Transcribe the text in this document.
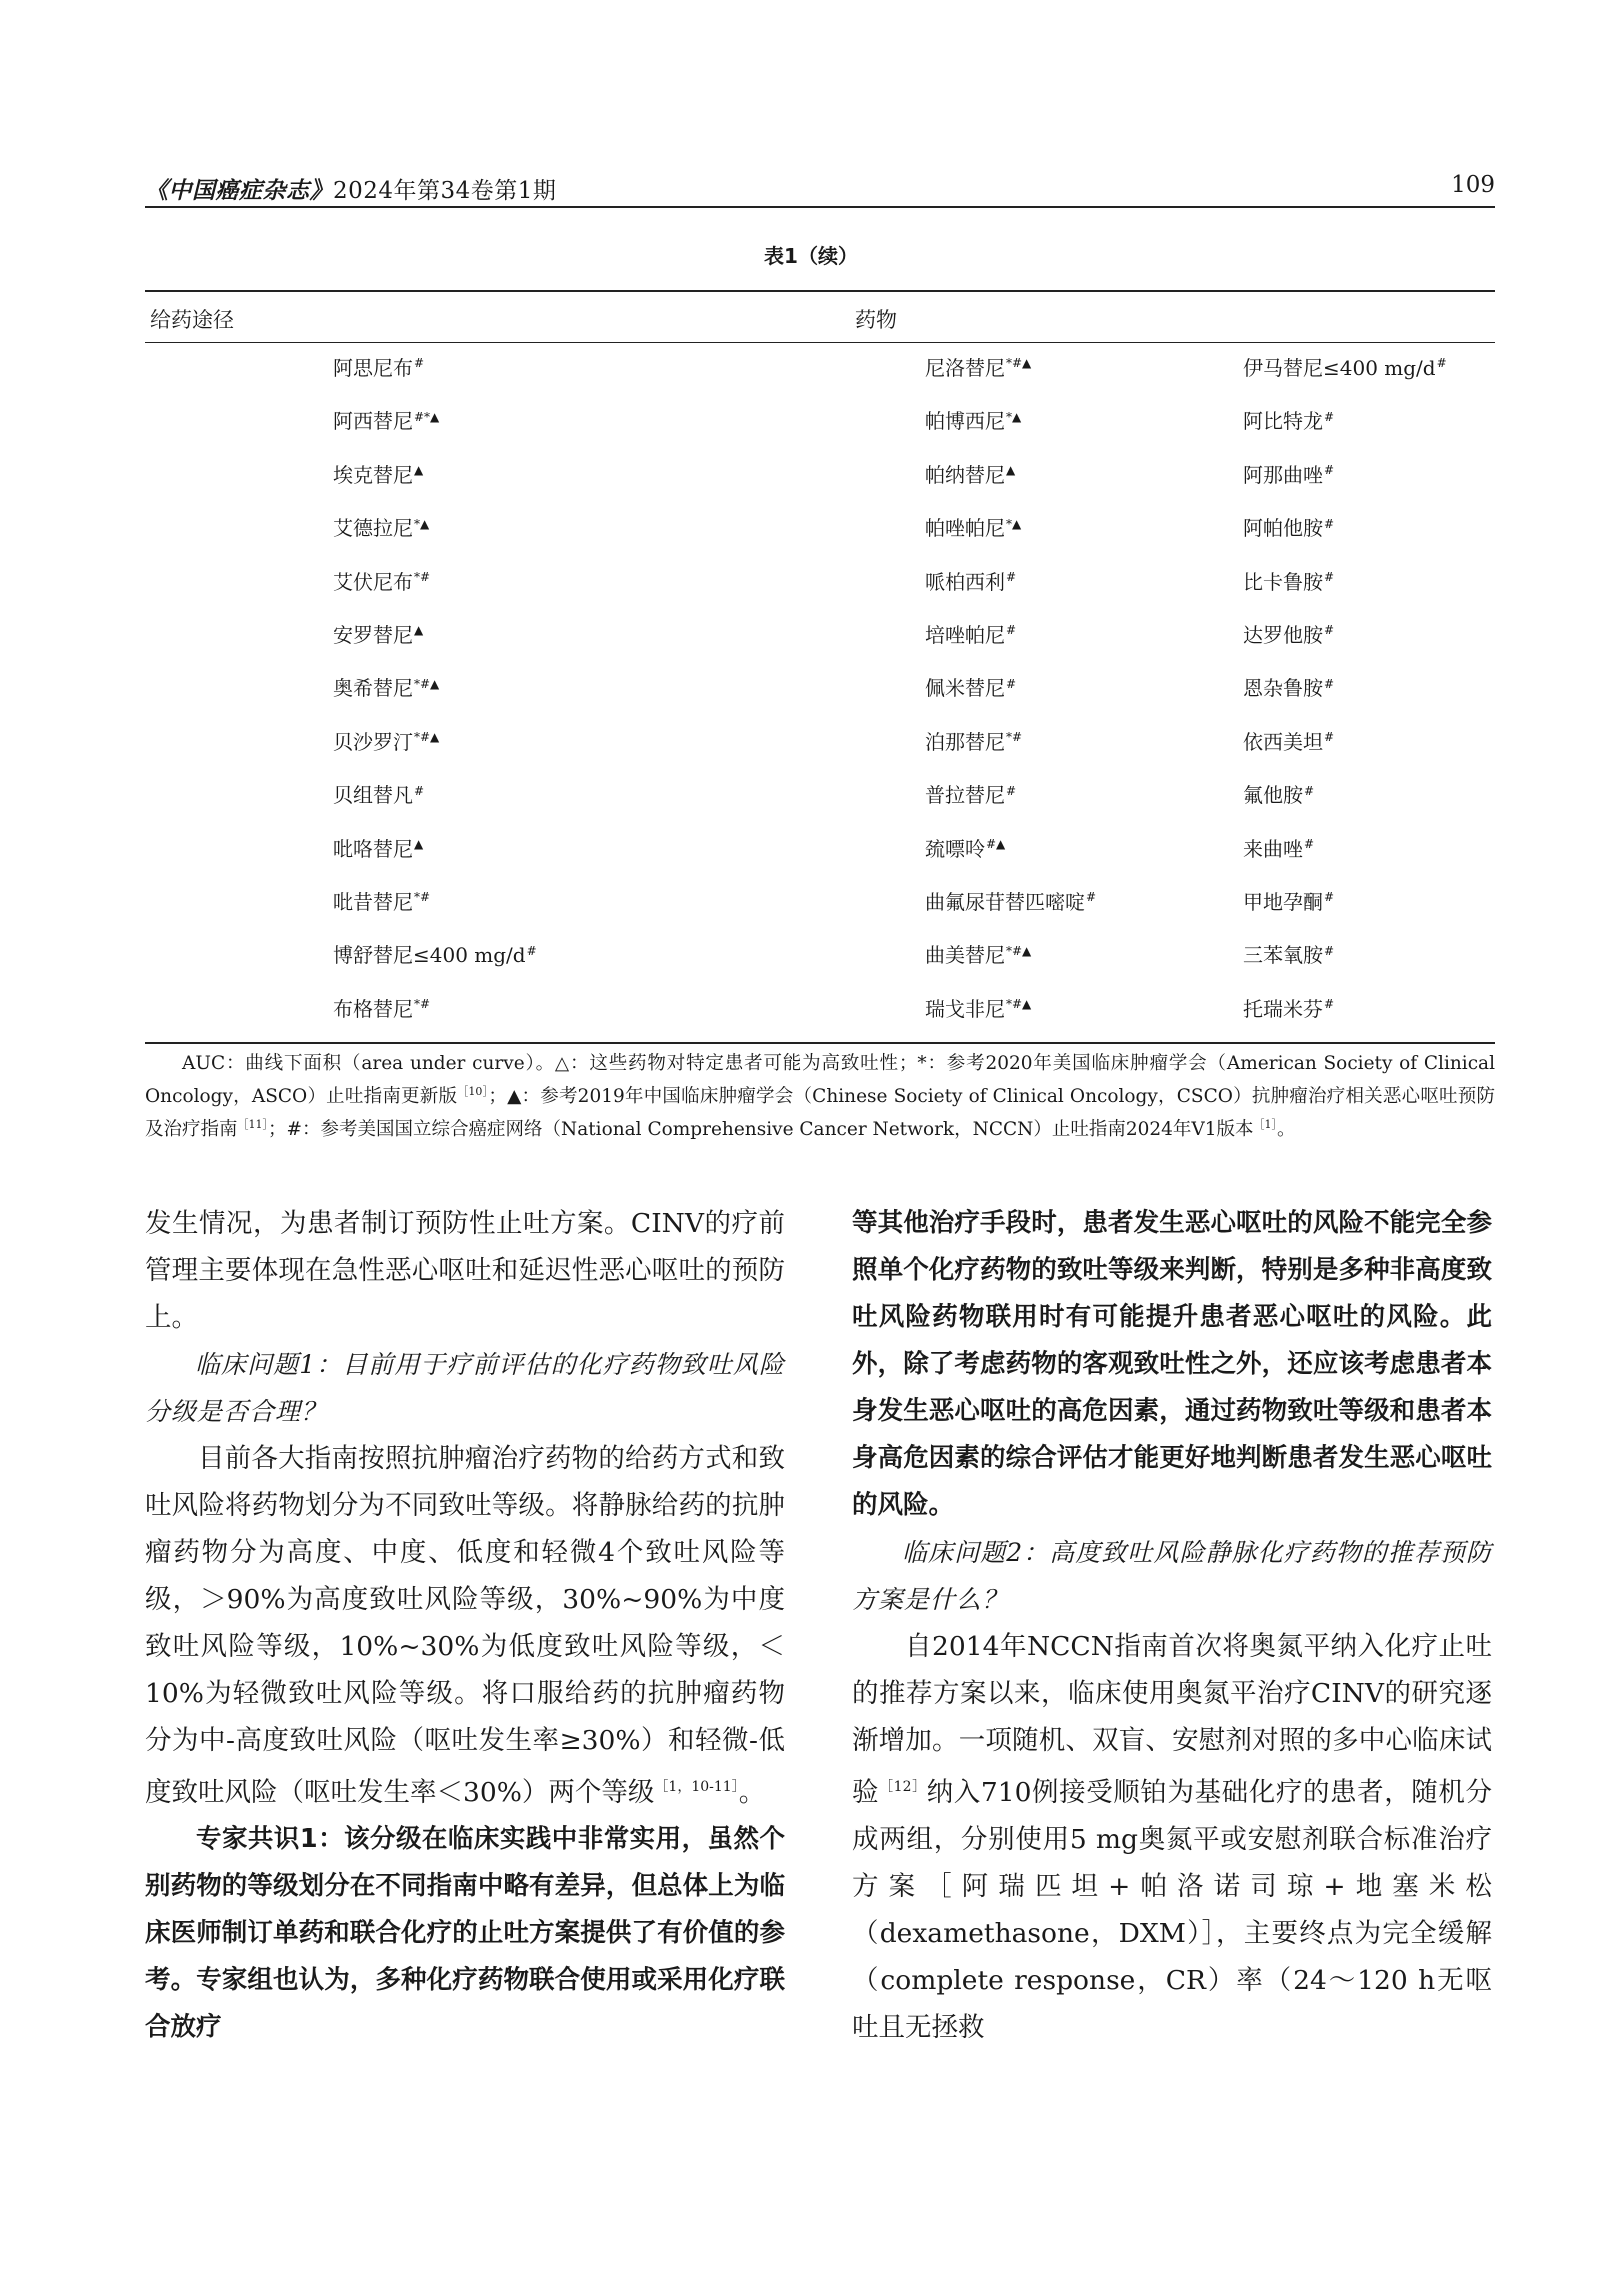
《中国癌症杂志》2024年第34卷第1期	109
表1（续）
给药途径	药物
阿思尼布#	尼洛替尼*#▲	伊马替尼≤400 mg/d#
阿西替尼#*▲	帕博西尼*▲	阿比特龙#
埃克替尼▲	帕纳替尼▲	阿那曲唑#
艾德拉尼*▲	帕唑帕尼*▲	阿帕他胺#
艾伏尼布*#	哌柏西利#	比卡鲁胺#
安罗替尼▲	培唑帕尼#	达罗他胺#
奥希替尼*#▲	佩米替尼#	恩杂鲁胺#
贝沙罗汀*#▲	泊那替尼*#	依西美坦#
贝组替凡#	普拉替尼#	氟他胺#
吡咯替尼▲	巯嘌呤#▲	来曲唑#
吡昔替尼*#	曲氟尿苷替匹嘧啶#	甲地孕酮#
博舒替尼≤400 mg/d#	曲美替尼*#▲	三苯氧胺#
布格替尼*#	瑞戈非尼*#▲	托瑞米芬#
AUC：曲线下面积（area under curve）。△：这些药物对特定患者可能为高致吐性；*：参考2020年美国临床肿瘤学会（American Society of Clinical Oncology，ASCO）止吐指南更新版$^{[10]}$；▲：参考2019年中国临床肿瘤学会（Chinese Society of Clinical Oncology，CSCO）抗肿瘤治疗相关恶心呕吐预防及治疗指南$^{[11]}$；#：参考美国国立综合癌症网络（National Comprehensive Cancer Network，NCCN）止吐指南2024年V1版本$^{[1]}$。

发生情况，为患者制订预防性止吐方案。CINV的疗前管理主要体现在急性恶心呕吐和延迟性恶心呕吐的预防上。

临床问题1：目前用于疗前评估的化疗药物致吐风险分级是否合理？

目前各大指南按照抗肿瘤治疗药物的给药方式和致吐风险将药物划分为不同致吐等级。将静脉给药的抗肿瘤药物分为高度、中度、低度和轻微4个致吐风险等级，＞90%为高度致吐风险等级，30%~90%为中度致吐风险等级，10%~30%为低度致吐风险等级，＜10%为轻微致吐风险等级。将口服给药的抗肿瘤药物分为中-高度致吐风险（呕吐发生率≥30%）和轻微-低度致吐风险（呕吐发生率＜30%）两个等级$^{[1,10-11]}$。

专家共识1：该分级在临床实践中非常实用，虽然个别药物的等级划分在不同指南中略有差异，但总体上为临床医师制订单药和联合化疗的止吐方案提供了有价值的参考。专家组也认为，多种化疗药物联合使用或采用化疗联合放疗

等其他治疗手段时，患者发生恶心呕吐的风险不能完全参照单个化疗药物的致吐等级来判断，特别是多种非高度致吐风险药物联用时有可能提升患者恶心呕吐的风险。此外，除了考虑药物的客观致吐性之外，还应该考虑患者本身发生恶心呕吐的高危因素，通过药物致吐等级和患者本身高危因素的综合评估才能更好地判断患者发生恶心呕吐的风险。

临床问题2：高度致吐风险静脉化疗药物的推荐预防方案是什么？

自2014年NCCN指南首次将奥氮平纳入化疗止吐的推荐方案以来，临床使用奥氮平治疗CINV的研究逐渐增加。一项随机、双盲、安慰剂对照的多中心临床试验$^{[12]}$纳入710例接受顺铂为基础化疗的患者，随机分成两组，分别使用5 mg奥氮平或安慰剂联合标准治疗方案［阿瑞匹坦+帕洛诺司琼+地塞米松（dexamethasone，DXM）］，主要终点为完全缓解（complete response，CR）率（24～120 h无呕吐且无拯救
